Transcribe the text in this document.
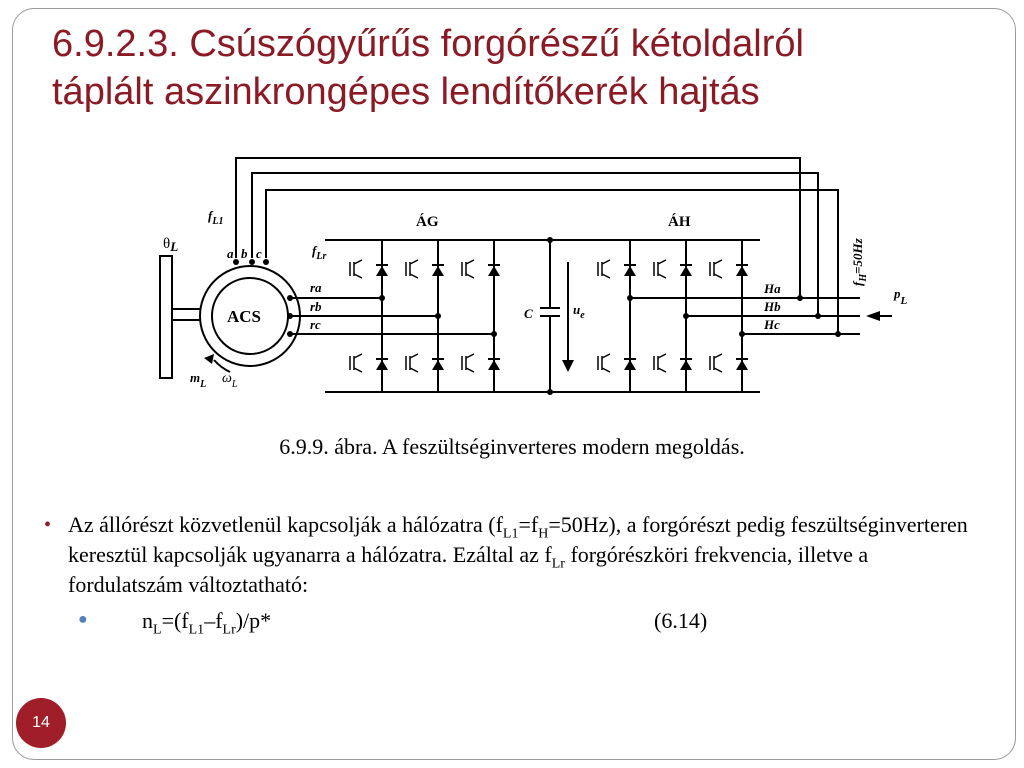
6.9.2.3. Csúszógyűrűs forgórészű kétoldalról
táplált aszinkrongépes lendítőkerék hajtás
θL
$f_{L1}$
a b c	$f_{Lr}$
ACS
ra
rb
rc
ÁG	ÁH
C	$u_e$
Ha
Hb
Hc
$f_H=50Hz$
$p_L$
$m_L$ $\omega_L$
6.9.9. ábra. A feszültséginverteres modern megoldás.
• Az állórészt közvetlenül kapcsolják a hálózatra $(f_{L1}=f_H=50Hz)$, a forgórészt pedig feszültséginverteren keresztül kapcsolják ugyanarra a hálózatra. Ezáltal az $f_{Lr}$ forgórészköri frekvencia, illetve a fordulatszám változtatható:
● $n_L=(f_{L1}-f_{Lr})/p*$	(6.14)
14
